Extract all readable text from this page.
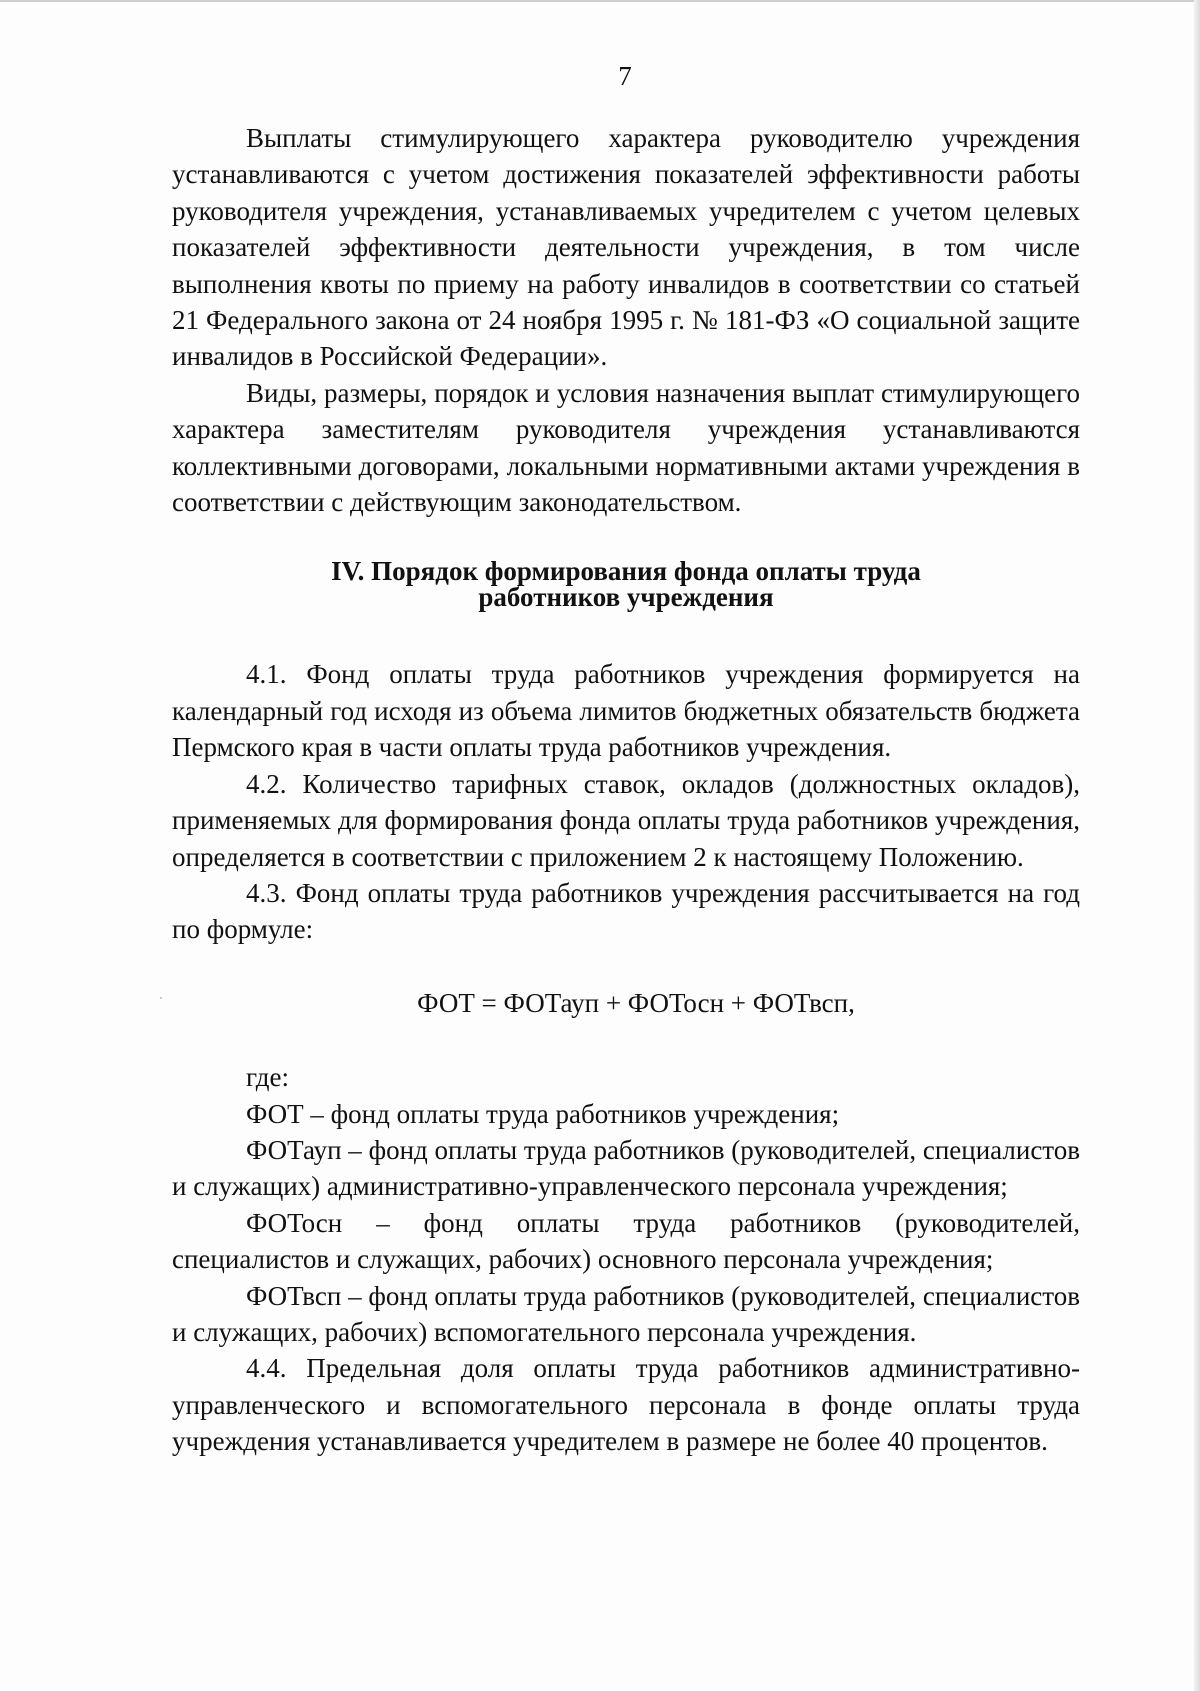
7

Выплаты стимулирующего характера руководителю учреждения устанавливаются с учетом достижения показателей эффективности работы руководителя учреждения, устанавливаемых учредителем с учетом целевых показателей эффективности деятельности учреждения, в том числе выполнения квоты по приему на работу инвалидов в соответствии со статьей 21 Федерального закона от 24 ноября 1995 г. № 181-ФЗ «О социальной защите инвалидов в Российской Федерации».

Виды, размеры, порядок и условия назначения выплат стимулирующего характера заместителям руководителя учреждения устанавливаются коллективными договорами, локальными нормативными актами учреждения в соответствии с действующим законодательством.

IV. Порядок формирования фонда оплаты труда
работников учреждения

4.1. Фонд оплаты труда работников учреждения формируется на календарный год исходя из объема лимитов бюджетных обязательств бюджета Пермского края в части оплаты труда работников учреждения.

4.2. Количество тарифных ставок, окладов (должностных окладов), применяемых для формирования фонда оплаты труда работников учреждения, определяется в соответствии с приложением 2 к настоящему Положению.

4.3. Фонд оплаты труда работников учреждения рассчитывается на год по формуле:

ФОТ = ФОТауп + ФОТосн + ФОТвсп,

где:

ФОТ – фонд оплаты труда работников учреждения;

ФОТауп – фонд оплаты труда работников (руководителей, специалистов и служащих) административно-управленческого персонала учреждения;

ФОТосн – фонд оплаты труда работников (руководителей, специалистов и служащих, рабочих) основного персонала учреждения;

ФОТвсп – фонд оплаты труда работников (руководителей, специалистов и служащих, рабочих) вспомогательного персонала учреждения.

4.4. Предельная доля оплаты труда работников административно-управленческого и вспомогательного персонала в фонде оплаты труда учреждения устанавливается учредителем в размере не более 40 процентов.
